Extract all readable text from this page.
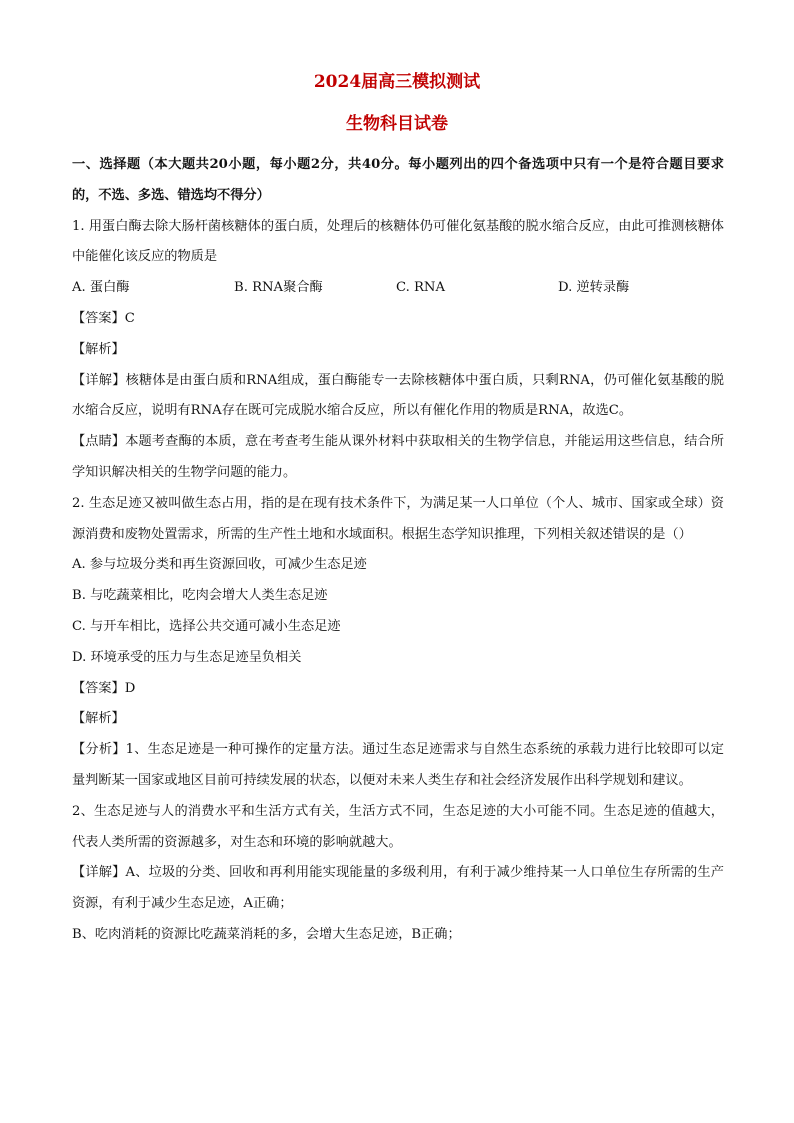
2024届高三模拟测试
生物科目试卷

一、选择题（本大题共20小题，每小题2分，共40分。每小题列出的四个备选项中只有一个是符合题目要求的，不选、多选、错选均不得分）

1. 用蛋白酶去除大肠杆菌核糖体的蛋白质，处理后的核糖体仍可催化氨基酸的脱水缩合反应，由此可推测核糖体中能催化该反应的物质是

A. 蛋白酶	B. RNA聚合酶	C. RNA	D. 逆转录酶

【答案】C

【解析】

【详解】核糖体是由蛋白质和RNA组成，蛋白酶能专一去除核糖体中蛋白质，只剩RNA，仍可催化氨基酸的脱水缩合反应，说明有RNA存在既可完成脱水缩合反应，所以有催化作用的物质是RNA，故选C。

【点睛】本题考查酶的本质，意在考查考生能从课外材料中获取相关的生物学信息，并能运用这些信息，结合所学知识解决相关的生物学问题的能力。

2. 生态足迹又被叫做生态占用，指的是在现有技术条件下，为满足某一人口单位（个人、城市、国家或全球）资源消费和废物处置需求，所需的生产性土地和水域面积。根据生态学知识推理，下列相关叙述错误的是（）

A. 参与垃圾分类和再生资源回收，可减少生态足迹

B. 与吃蔬菜相比，吃肉会增大人类生态足迹

C. 与开车相比，选择公共交通可减小生态足迹

D. 环境承受的压力与生态足迹呈负相关

【答案】D

【解析】

【分析】1、生态足迹是一种可操作的定量方法。通过生态足迹需求与自然生态系统的承载力进行比较即可以定量判断某一国家或地区目前可持续发展的状态，以便对未来人类生存和社会经济发展作出科学规划和建议。

2、生态足迹与人的消费水平和生活方式有关，生活方式不同，生态足迹的大小可能不同。生态足迹的值越大，代表人类所需的资源越多，对生态和环境的影响就越大。

【详解】A、垃圾的分类、回收和再利用能实现能量的多级利用，有利于减少维持某一人口单位生存所需的生产资源，有利于减少生态足迹，A正确；

B、吃肉消耗的资源比吃蔬菜消耗的多，会增大生态足迹，B正确；
